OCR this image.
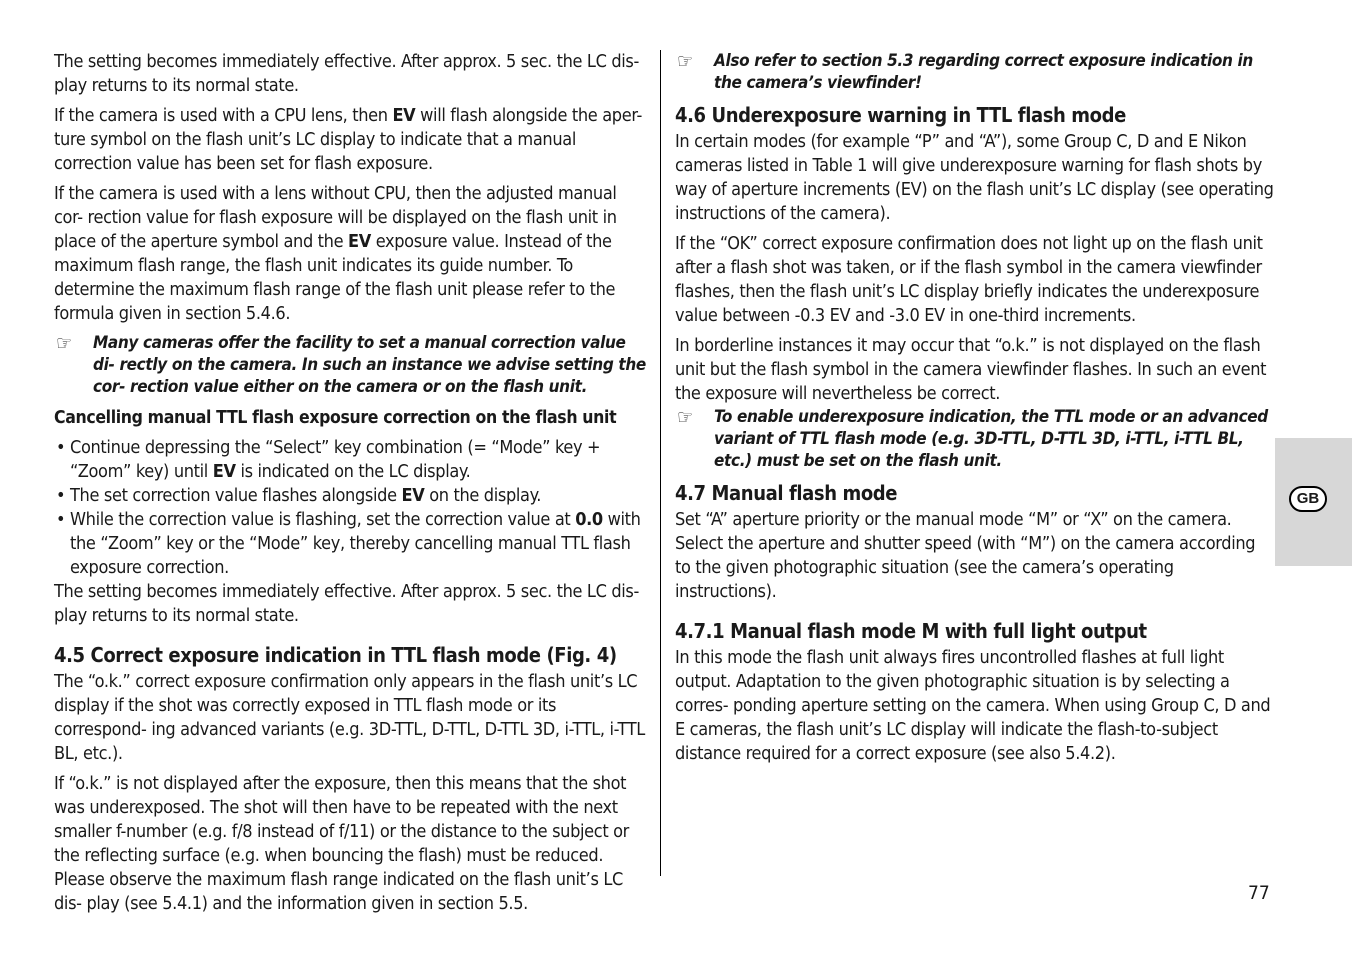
The setting becomes immediately effective. After approx. 5 sec. the LC dis- play returns to its normal state.

If the camera is used with a CPU lens, then EV will flash alongside the aper- ture symbol on the flash unit’s LC display to indicate that a manual correction value has been set for flash exposure.

If the camera is used with a lens without CPU, then the adjusted manual cor- rection value for flash exposure will be displayed on the flash unit in place of the aperture symbol and the EV exposure value. Instead of the maximum flash range, the flash unit indicates its guide number. To determine the maximum flash range of the flash unit please refer to the formula given in section 5.4.6.

☞ Many cameras offer the facility to set a manual correction value di- rectly on the camera. In such an instance we advise setting the cor- rection value either on the camera or on the flash unit.
Cancelling manual TTL flash exposure correction on the flash unit
• Continue depressing the “Select” key combination (= “Mode” key + “Zoom” key) until EV is indicated on the LC display.
• The set correction value flashes alongside EV on the display.
• While the correction value is flashing, set the correction value at 0.0 with the “Zoom” key or the “Mode” key, thereby cancelling manual TTL flash exposure correction.

The setting becomes immediately effective. After approx. 5 sec. the LC dis- play returns to its normal state.

4.5 Correct exposure indication in TTL flash mode (Fig. 4)

The “o.k.” correct exposure confirmation only appears in the flash unit’s LC display if the shot was correctly exposed in TTL flash mode or its correspond- ing advanced variants (e.g. 3D-TTL, D-TTL, D-TTL 3D, i-TTL, i-TTL BL, etc.).

If “o.k.” is not displayed after the exposure, then this means that the shot was underexposed. The shot will then have to be repeated with the next smaller f-number (e.g. f/8 instead of f/11) or the distance to the subject or the reflecting surface (e.g. when bouncing the flash) must be reduced. Please observe the maximum flash range indicated on the flash unit’s LC dis- play (see 5.4.1) and the information given in section 5.5.

☞ Also refer to section 5.3 regarding correct exposure indication in the camera’s viewfinder!
4.6 Underexposure warning in TTL flash mode

In certain modes (for example “P” and “A”), some Group C, D and E Nikon cameras listed in Table 1 will give underexposure warning for flash shots by way of aperture increments (EV) on the flash unit’s LC display (see operating instructions of the camera).

If the “OK” correct exposure confirmation does not light up on the flash unit after a flash shot was taken, or if the flash symbol in the camera viewfinder flashes, then the flash unit’s LC display briefly indicates the underexposure value between -0.3 EV and -3.0 EV in one-third increments.

In borderline instances it may occur that “o.k.” is not displayed on the flash unit but the flash symbol in the camera viewfinder flashes. In such an event the exposure will nevertheless be correct.

☞ To enable underexposure indication, the TTL mode or an advanced variant of TTL flash mode (e.g. 3D-TTL, D-TTL 3D, i-TTL, i-TTL BL, etc.) must be set on the flash unit.
4.7 Manual flash mode

Set “A” aperture priority or the manual mode “M” or “X” on the camera. Select the aperture and shutter speed (with “M”) on the camera according to the given photographic situation (see the camera’s operating instructions).

4.7.1 Manual flash mode M with full light output

In this mode the flash unit always fires uncontrolled flashes at full light output. Adaptation to the given photographic situation is by selecting a corres- ponding aperture setting on the camera. When using Group C, D and E cameras, the flash unit’s LC display will indicate the flash-to-subject distance required for a correct exposure (see also 5.4.2).

GB
77
